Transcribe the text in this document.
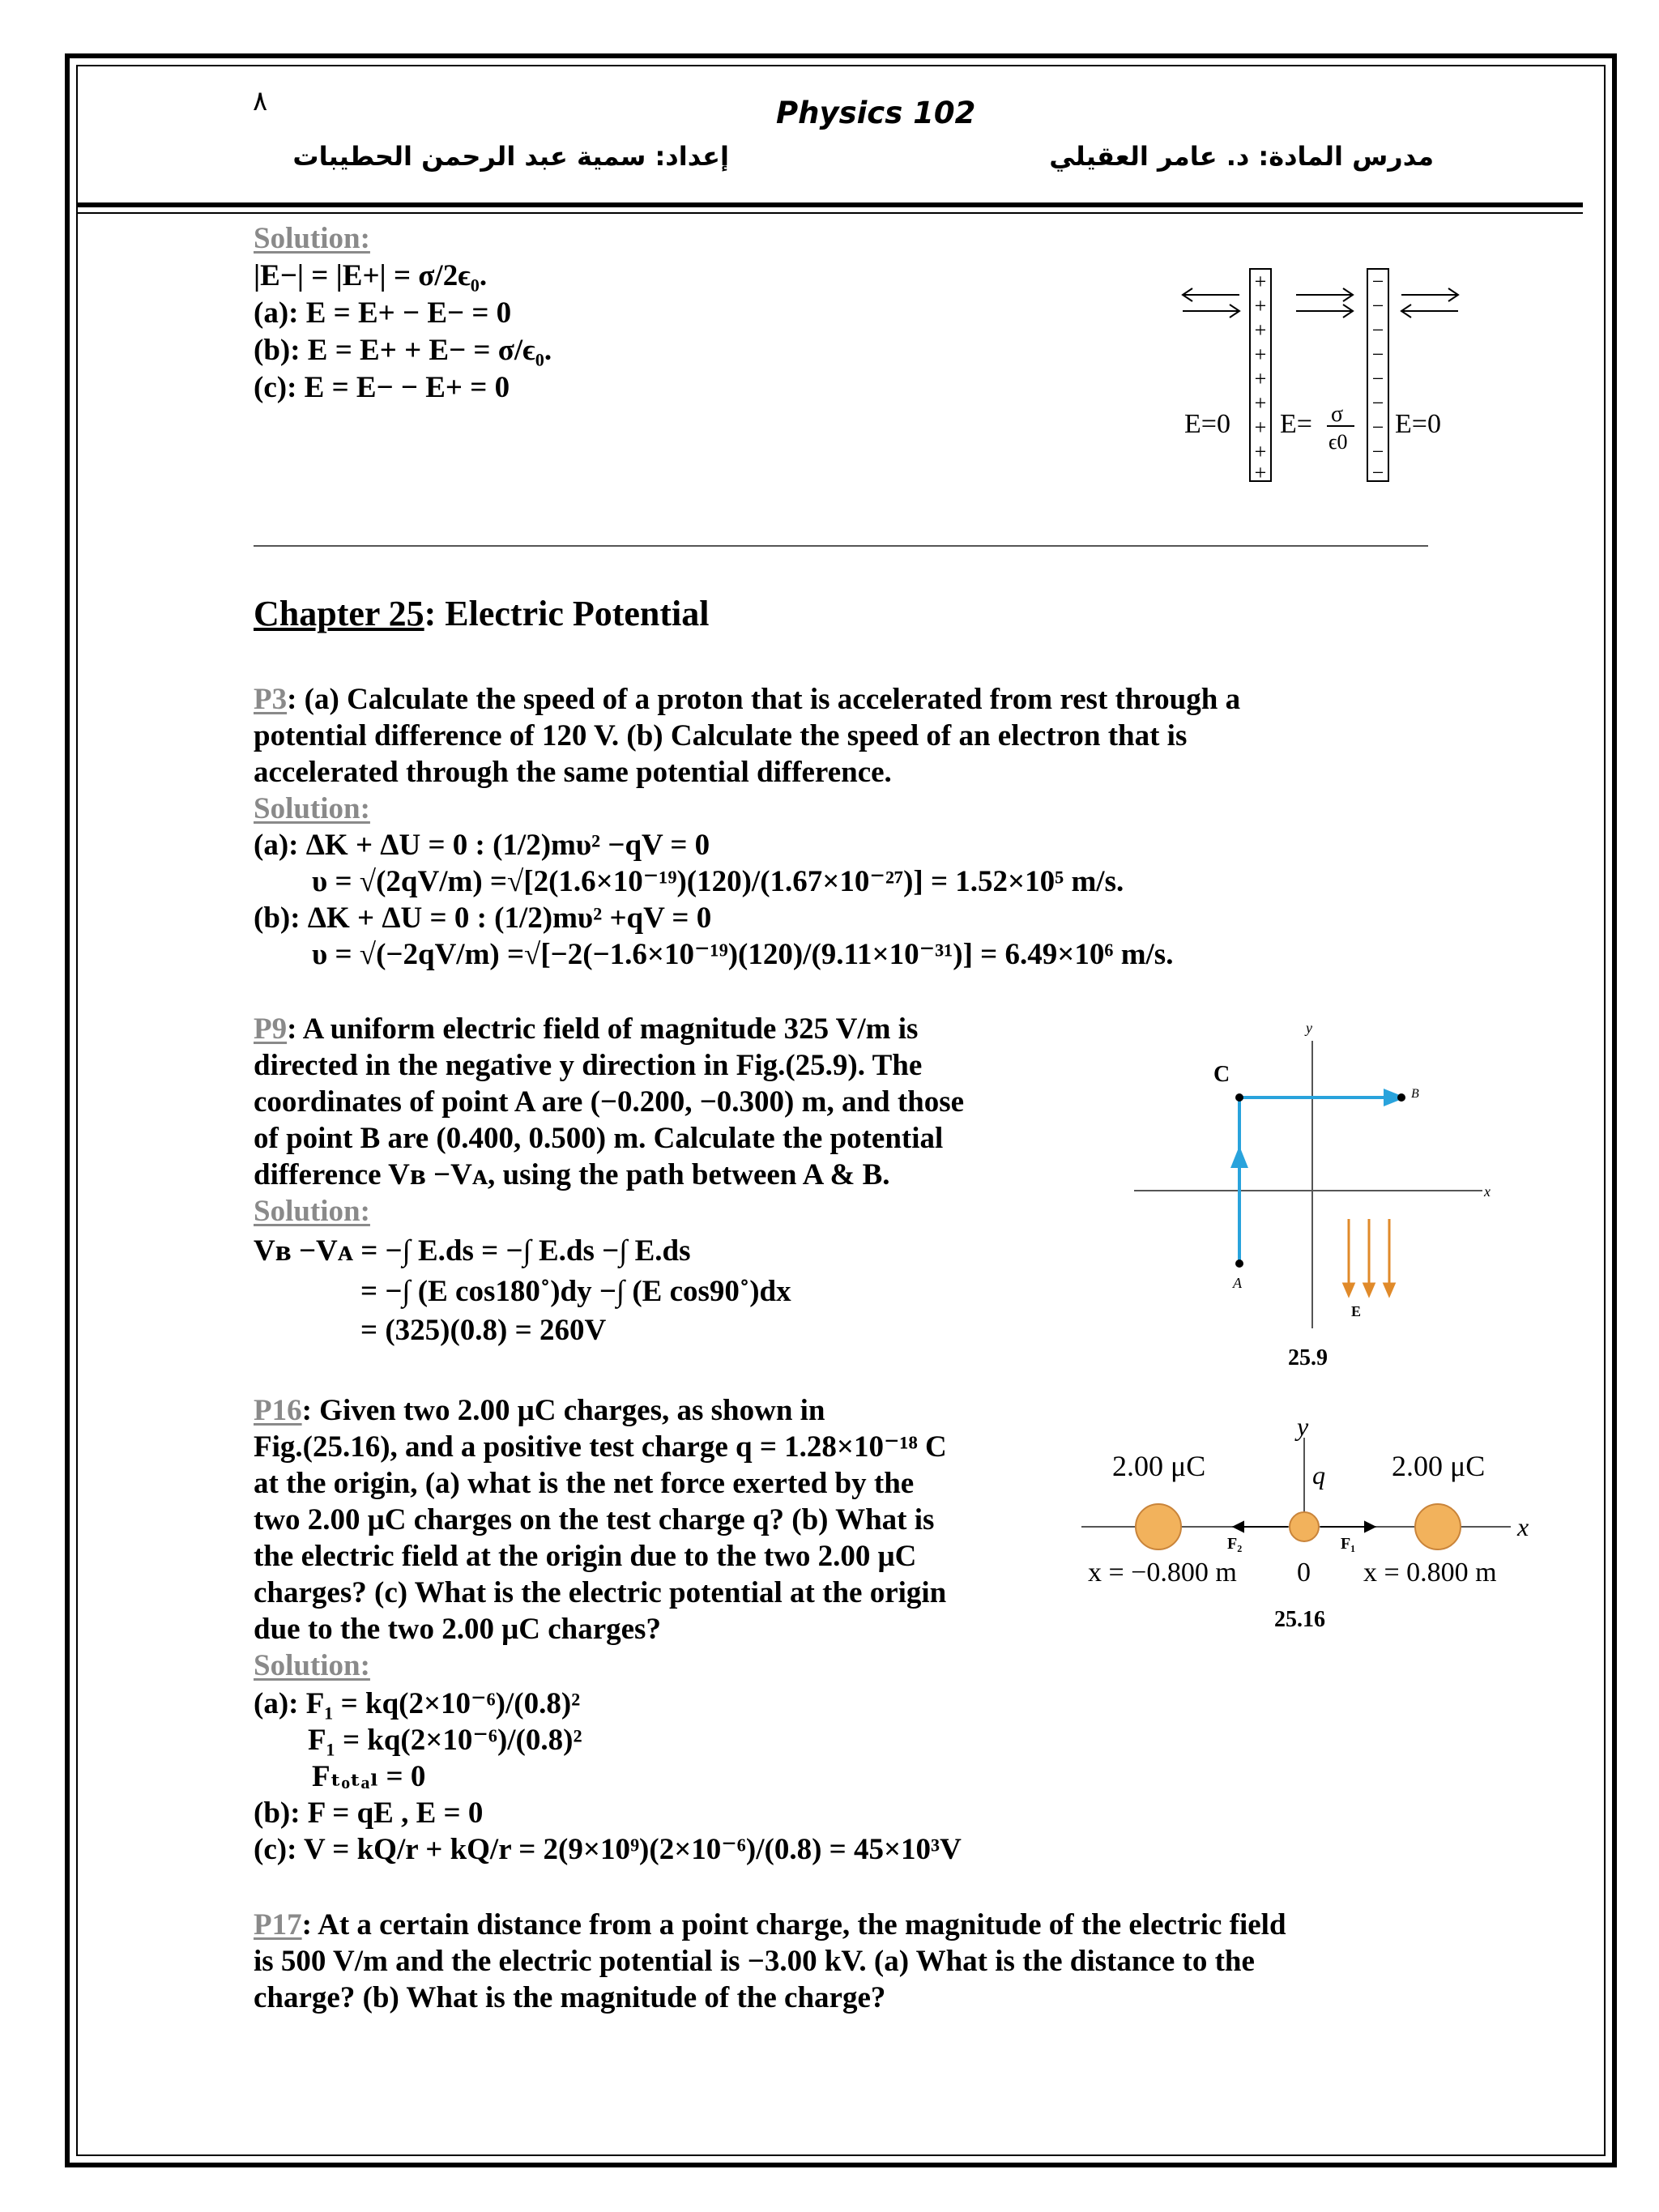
٨	Physics 102
إعداد: سمية عبد الرحمن الحطيبات	مدرس المادة: د. عامر العقيلي
Solution:
|E−| = |E+| = σ/2ϵ₀.
(a): E = E+ − E− = 0
(b): E = E+ + E− = σ/ϵ₀.
(c): E = E− − E+ = 0
+
+
+
+
+
+
+
+
+
−
−
−
−
−
−
−
−
−
E=0 E= σ
ϵ0
E=0
Chapter 25: Electric Potential
P3: (a) Calculate the speed of a proton that is accelerated from rest through a
potential difference of 120 V. (b) Calculate the speed of an electron that is
accelerated through the same potential difference.
Solution:
(a): ΔK + ΔU = 0 : (1/2)mυ² −qV = 0
υ = √(2qV/m) =√[2(1.6×10⁻¹⁹)(120)/(1.67×10⁻²⁷)] = 1.52×10⁵ m/s.
(b): ΔK + ΔU = 0 : (1/2)mυ² +qV = 0
υ = √(−2qV/m) =√[−2(−1.6×10⁻¹⁹)(120)/(9.11×10⁻³¹)] = 6.49×10⁶ m/s.
P9: A uniform electric field of magnitude 325 V/m is
directed in the negative y direction in Fig.(25.9). The
coordinates of point A are (−0.200, −0.300) m, and those
of point B are (0.400, 0.500) m. Calculate the potential
difference Vʙ −Vᴀ, using the path between A & B.
Solution:
Vʙ −Vᴀ = −∫ E.ds = −∫ E.ds −∫ E.ds
= −∫ (E cos180˚)dy −∫ (E cos90˚)dx
= (325)(0.8) = 260V
y
x
C
B
A
E
25.9
P16: Given two 2.00 μC charges, as shown in
Fig.(25.16), and a positive test charge q = 1.28×10⁻¹⁸ C
at the origin, (a) what is the net force exerted by the
two 2.00 μC charges on the test charge q? (b) What is
the electric field at the origin due to the two 2.00 μC
charges? (c) What is the electric potential at the origin
due to the two 2.00 μC charges?
Solution:
(a): F₁ = kq(2×10⁻⁶)/(0.8)²
F₁ = kq(2×10⁻⁶)/(0.8)²
Fₜₒₜₐₗ = 0
(b): F = qE , E = 0
(c): V = kQ/r + kQ/r = 2(9×10⁹)(2×10⁻⁶)/(0.8) = 45×10³V
2.00 μC	2.00 μC
y
q
x
F₂	F₁
x = −0.800 m 0 x = 0.800 m
25.16
P17: At a certain distance from a point charge, the magnitude of the electric field
is 500 V/m and the electric potential is −3.00 kV. (a) What is the distance to the
charge? (b) What is the magnitude of the charge?
